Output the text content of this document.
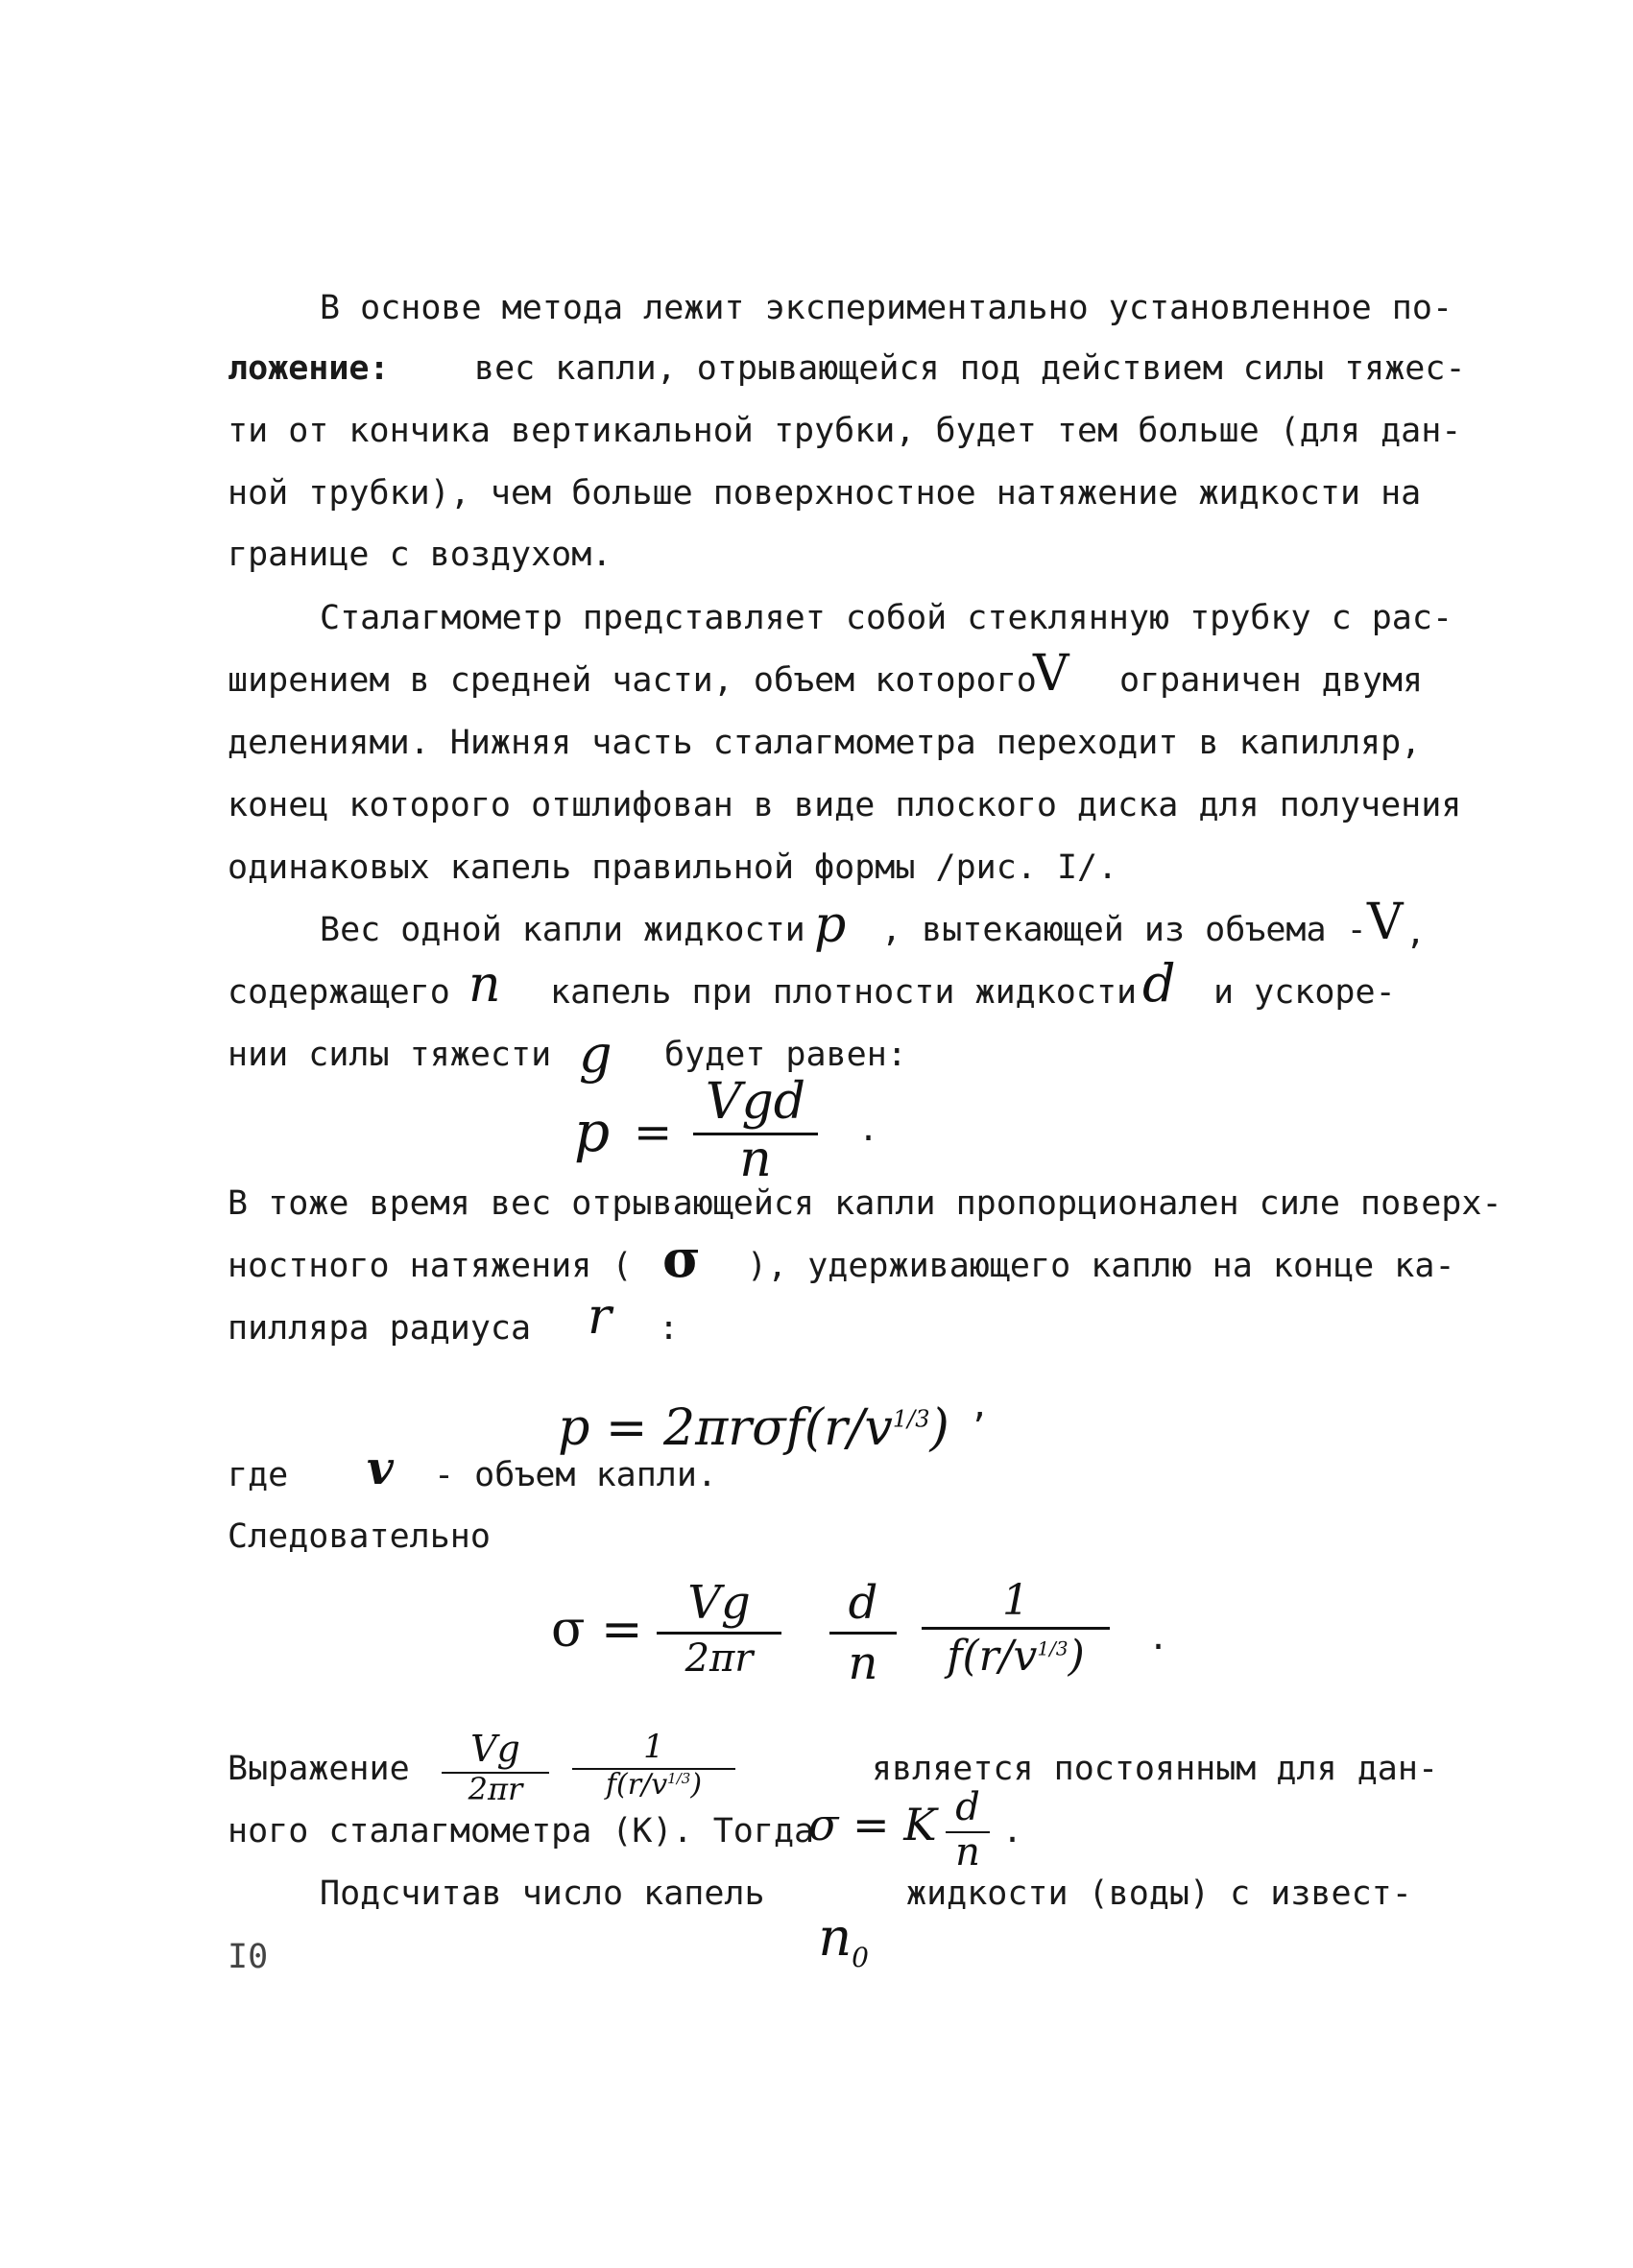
В основе метода лежит экспериментально установленное по-
ложение:	вес капли, отрывающейся под действием силы тяжес-
ти от кончика вертикальной трубки, будет тем больше (для дан-
ной трубки), чем больше поверхностное натяжение жидкости на
границе с воздухом.
Сталагмометр представляет собой стеклянную трубку с рас-
ширением в средней части, объем которого
V ограничен двумя
делениями. Нижняя часть сталагмометра переходит в капилляр,
конец которого отшлифован в виде плоского диска для получения
одинаковых капель правильной формы /рис. I/.
Вес одной капли жидкости p , вытекающей из объема - V ,
содержащего n капель при плотности жидкости d и ускоре-
нии силы тяжести g будет равен:
p =
Vgd
n
.
В тоже время вес отрывающейся капли пропорционален силе поверх-
ностного натяжения ( σ ), удерживающего каплю на конце ка-
пилляра радиуса r :

$p = 2\pi r\sigma f(r/v^{1/3})$ ,
где v - объем капли.
Следовательно
σ = Vg
2πr
d
n
1
$f(r/v^{1/3})$	.
Выражение	Vg
2πr
1
$f(r/v^{1/3})$	является постоянным для дан-
ного сталагмометра (К). Тогда
σ = K d
n .
Подсчитав число капель

$n_0$

жидкости (воды) с извест-
I0
